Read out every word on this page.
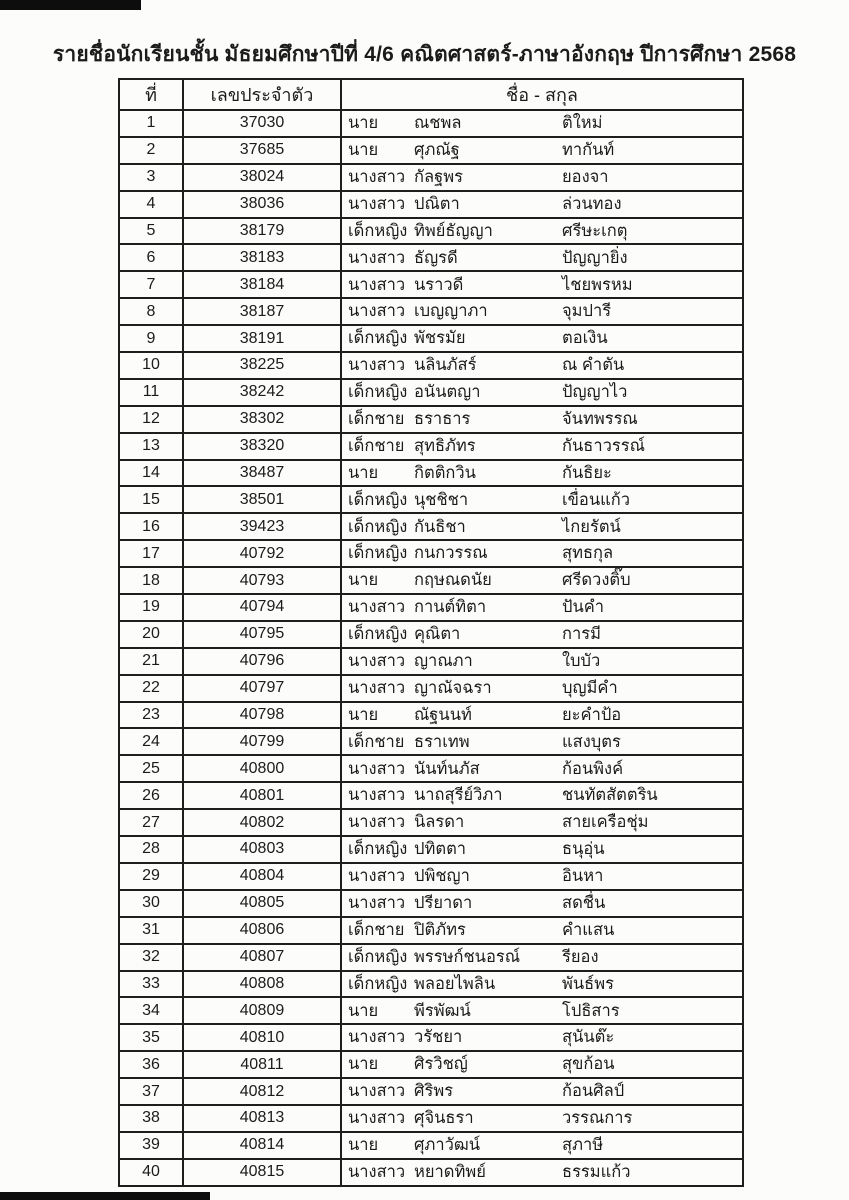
รายชื่อนักเรียนชั้น มัธยมศึกษาปีที่ 4/6 คณิตศาสตร์-ภาษาอังกฤษ ปีการศึกษา 2568
ที่	เลขประจำตัว	ชื่อ - สกุล
1	37030	นาย ณชพล ติใหม่

2	37685	นาย ศุภณัฐ ทากันท์

3	38024	นางสาว กัลฐพร ยองจา

4	38036	นางสาว ปณิตา ล่วนทอง

5	38179	เด็กหญิง ทิพย์ธัญญา ศรีษะเกตุ

6	38183	นางสาว ธัญรดี ปัญญายิ่ง

7	38184	นางสาว นราวดี ไชยพรหม

8	38187	นางสาว เบญญาภา จุมปารี

9	38191	เด็กหญิง พัชรมัย ตอเงิน

10	38225	นางสาว นลินภัสร์ ณ คำตัน

11	38242	เด็กหญิง อนันตญา ปัญญาไว

12	38302	เด็กชาย ธราธาร จันทพรรณ

13	38320	เด็กชาย สุทธิภัทร กันธาวรรณ์

14	38487	นาย กิตติกวิน กันธิยะ

15	38501	เด็กหญิง นุชชิชา เขื่อนแก้ว

16	39423	เด็กหญิง กันธิชา ไกยรัตน์

17	40792	เด็กหญิง กนกวรรณ สุทธกุล

18	40793	นาย กฤษณดนัย ศรีดวงติ๊บ

19	40794	นางสาว กานต์ทิตา ปันคำ

20	40795	เด็กหญิง คุณิตา การมี

21	40796	นางสาว ญาณภา ใบบัว

22	40797	นางสาว ญาณัจฉรา บุญมีคำ

23	40798	นาย ณัฐนนท์ ยะคำป้อ

24	40799	เด็กชาย ธราเทพ แสงบุตร

25	40800	นางสาว นันท์นภัส ก้อนพิงค์

26	40801	นางสาว นาถสุรีย์วิภา ชนทัตสัตตริน

27	40802	นางสาว นิลรดา สายเครือชุ่ม

28	40803	เด็กหญิง ปทิตตา ธนุอุ่น

29	40804	นางสาว ปพิชญา อินหา

30	40805	นางสาว ปรียาดา สดชื่น

31	40806	เด็กชาย ปิติภัทร คำแสน

32	40807	เด็กหญิง พรรษก์ชนอรณ์ รียอง

33	40808	เด็กหญิง พลอยไพลิน พันธ์พร

34	40809	นาย พีรพัฒน์ โปธิสาร

35	40810	นางสาว วรัชยา สุนันต๊ะ

36	40811	นาย ศิรวิชญ์ สุขก้อน

37	40812	นางสาว ศิริพร ก้อนศิลป์

38	40813	นางสาว ศุจินธรา วรรณการ

39	40814	นาย ศุภาวัฒน์ สุภาษี

40	40815	นางสาว หยาดทิพย์ ธรรมแก้ว
